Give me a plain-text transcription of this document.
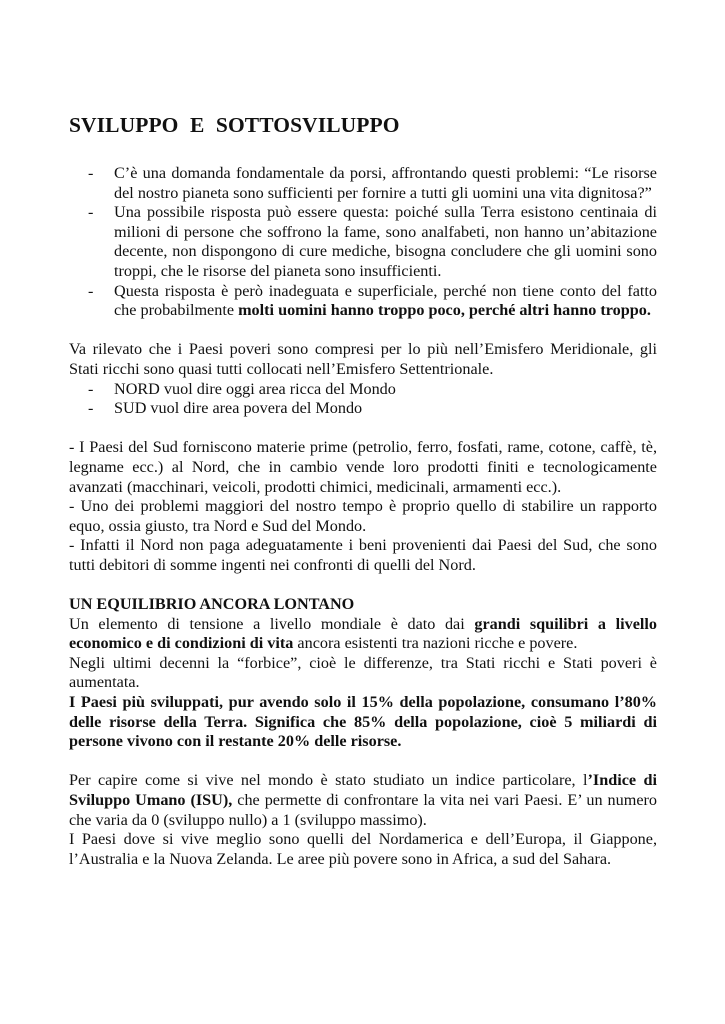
SVILUPPO E SOTTOSVILUPPO
- C’è una domanda fondamentale da porsi, affrontando questi problemi: “Le risorse del nostro pianeta sono sufficienti per fornire a tutti gli uomini una vita dignitosa?”
- Una possibile risposta può essere questa: poiché sulla Terra esistono centinaia di milioni di persone che soffrono la fame, sono analfabeti, non hanno un’abitazione decente, non dispongono di cure mediche, bisogna concludere che gli uomini sono troppi, che le risorse del pianeta sono insufficienti.
- Questa risposta è però inadeguata e superficiale, perché non tiene conto del fatto che probabilmente molti uomini hanno troppo poco, perché altri hanno troppo.

Va rilevato che i Paesi poveri sono compresi per lo più nell’Emisfero Meridionale, gli Stati ricchi sono quasi tutti collocati nell’Emisfero Settentrionale.

- NORD vuol dire oggi area ricca del Mondo
- SUD vuol dire area povera del Mondo

- I Paesi del Sud forniscono materie prime (petrolio, ferro, fosfati, rame, cotone, caffè, tè, legname ecc.) al Nord, che in cambio vende loro prodotti finiti e tecnologicamente avanzati (macchinari, veicoli, prodotti chimici, medicinali, armamenti ecc.).

- Uno dei problemi maggiori del nostro tempo è proprio quello di stabilire un rapporto equo, ossia giusto, tra Nord e Sud del Mondo.

- Infatti il Nord non paga adeguatamente i beni provenienti dai Paesi del Sud, che sono tutti debitori di somme ingenti nei confronti di quelli del Nord.

UN EQUILIBRIO ANCORA LONTANO

Un elemento di tensione a livello mondiale è dato dai grandi squilibri a livello economico e di condizioni di vita ancora esistenti tra nazioni ricche e povere.

Negli ultimi decenni la “forbice”, cioè le differenze, tra Stati ricchi e Stati poveri è aumentata.

I Paesi più sviluppati, pur avendo solo il 15% della popolazione, consumano l’80% delle risorse della Terra. Significa che 85% della popolazione, cioè 5 miliardi di persone vivono con il restante 20% delle risorse.

Per capire come si vive nel mondo è stato studiato un indice particolare, l’Indice di Sviluppo Umano (ISU), che permette di confrontare la vita nei vari Paesi. E’ un numero che varia da 0 (sviluppo nullo) a 1 (sviluppo massimo).

I Paesi dove si vive meglio sono quelli del Nordamerica e dell’Europa, il Giappone, l’Australia e la Nuova Zelanda. Le aree più povere sono in Africa, a sud del Sahara.
